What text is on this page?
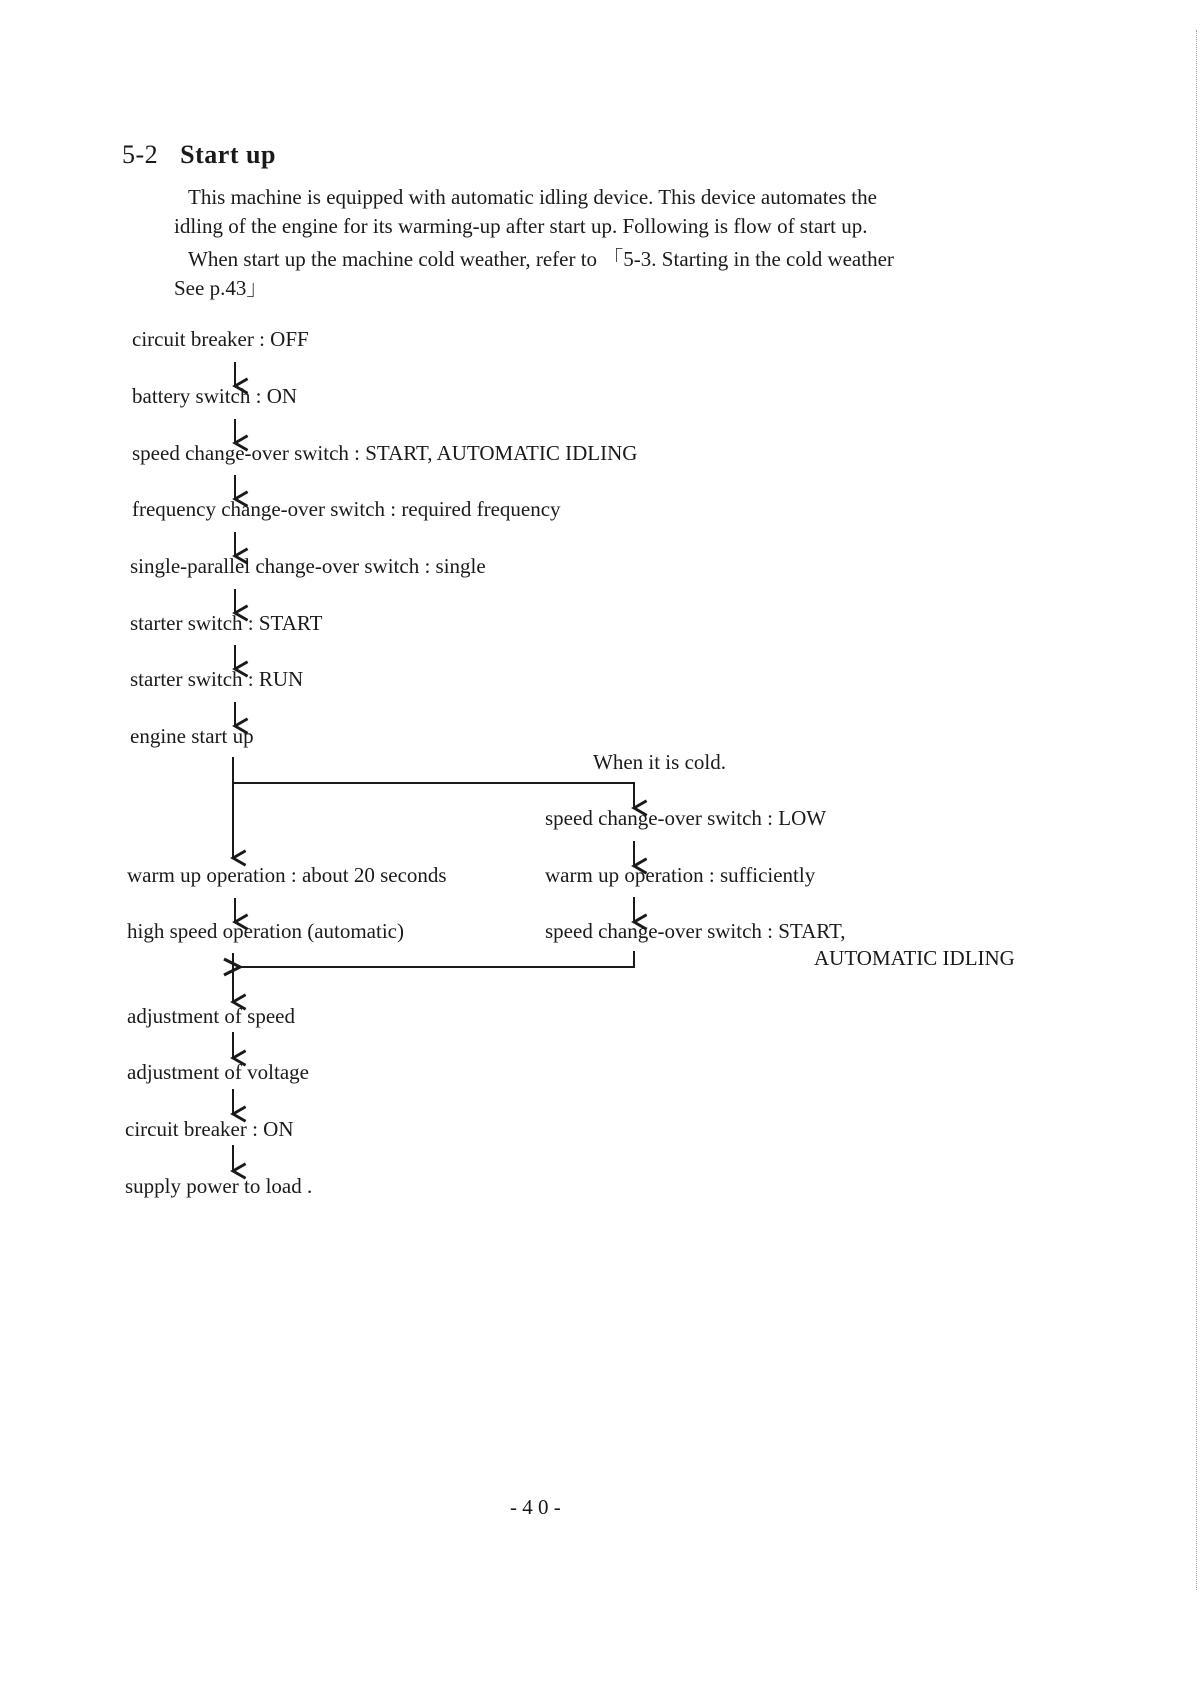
5-2 Start up
This machine is equipped with automatic idling device. This device automates the
idling of the engine for its warming-up after start up. Following is flow of start up.
When start up the machine cold weather, refer to 「5-3. Starting in the cold weather
See p.43」
circuit breaker : OFF
battery switch : ON
speed change-over switch : START, AUTOMATIC IDLING
frequency change-over switch : required frequency
single-parallel change-over switch : single
starter switch : START
starter switch : RUN
engine start up
When it is cold.
speed change-over switch : LOW
warm up operation : sufficiently
speed change-over switch : START,
AUTOMATIC IDLING
warm up operation : about 20 seconds
high speed operation (automatic)
adjustment of speed
adjustment of voltage
circuit breaker : ON
supply power to load .
- 4 0 -
